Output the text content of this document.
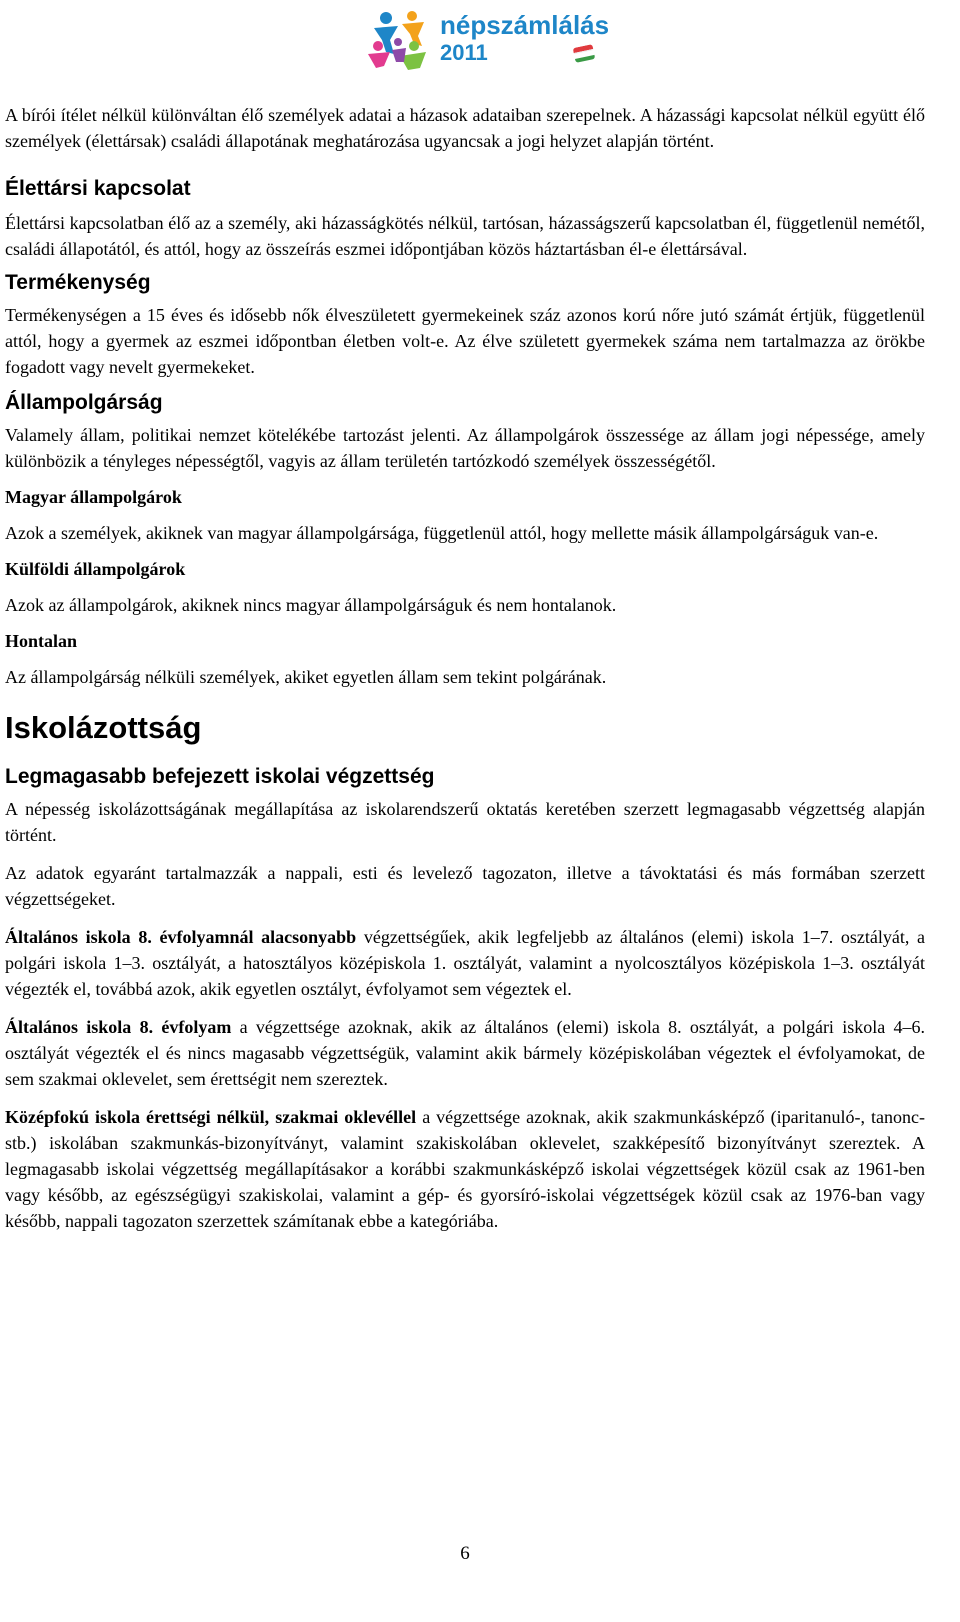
népszámlálás
2011

A bírói ítélet nélkül különváltan élő személyek adatai a házasok adataiban szerepelnek. A házassági kapcsolat nélkül együtt élő személyek (élettársak) családi állapotának meghatározása ugyancsak a jogi helyzet alapján történt.

Élettársi kapcsolat

Élettársi kapcsolatban élő az a személy, aki házasságkötés nélkül, tartósan, házasságszerű kapcsolatban él, függetlenül nemétől, családi állapotától, és attól, hogy az összeírás eszmei időpontjában közös háztartásban él-e élettársával.

Termékenység

Termékenységen a 15 éves és idősebb nők élveszületett gyermekeinek száz azonos korú nőre jutó számát értjük, függetlenül attól, hogy a gyermek az eszmei időpontban életben volt-e. Az élve született gyermekek száma nem tartalmazza az örökbe fogadott vagy nevelt gyermekeket.

Állampolgárság

Valamely állam, politikai nemzet kötelékébe tartozást jelenti. Az állampolgárok összessége az állam jogi népessége, amely különbözik a tényleges népességtől, vagyis az állam területén tartózkodó személyek összességétől.

Magyar állampolgárok

Azok a személyek, akiknek van magyar állampolgársága, függetlenül attól, hogy mellette másik állampolgárságuk van-e.

Külföldi állampolgárok

Azok az állampolgárok, akiknek nincs magyar állampolgárságuk és nem hontalanok.

Hontalan

Az állampolgárság nélküli személyek, akiket egyetlen állam sem tekint polgárának.

Iskolázottság
Legmagasabb befejezett iskolai végzettség

A népesség iskolázottságának megállapítása az iskolarendszerű oktatás keretében szerzett legmagasabb végzettség alapján történt.

Az adatok egyaránt tartalmazzák a nappali, esti és levelező tagozaton, illetve a távoktatási és más formában szerzett végzettségeket.

Általános iskola 8. évfolyamnál alacsonyabb végzettségűek, akik legfeljebb az általános (elemi) iskola 1–7. osztályát, a polgári iskola 1–3. osztályát, a hatosztályos középiskola 1. osztályát, valamint a nyolcosztályos középiskola 1–3. osztályát végezték el, továbbá azok, akik egyetlen osztályt, évfolyamot sem végeztek el.

Általános iskola 8. évfolyam a végzettsége azoknak, akik az általános (elemi) iskola 8. osztályát, a polgári iskola 4–6. osztályát végezték el és nincs magasabb végzettségük, valamint akik bármely középiskolában végeztek el évfolyamokat, de sem szakmai oklevelet, sem érettségit nem szereztek.

Középfokú iskola érettségi nélkül, szakmai oklevéllel a végzettsége azoknak, akik szakmunkásképző (iparitanuló-, tanonc- stb.) iskolában szakmunkás-bizonyítványt, valamint szakiskolában oklevelet, szakképesítő bizonyítványt szereztek. A legmagasabb iskolai végzettség megállapításakor a korábbi szakmunkásképző iskolai végzettségek közül csak az 1961-ben vagy később, az egészségügyi szakiskolai, valamint a gép- és gyorsíró-iskolai végzettségek közül csak az 1976-ban vagy később, nappali tagozaton szerzettek számítanak ebbe a kategóriába.

6
